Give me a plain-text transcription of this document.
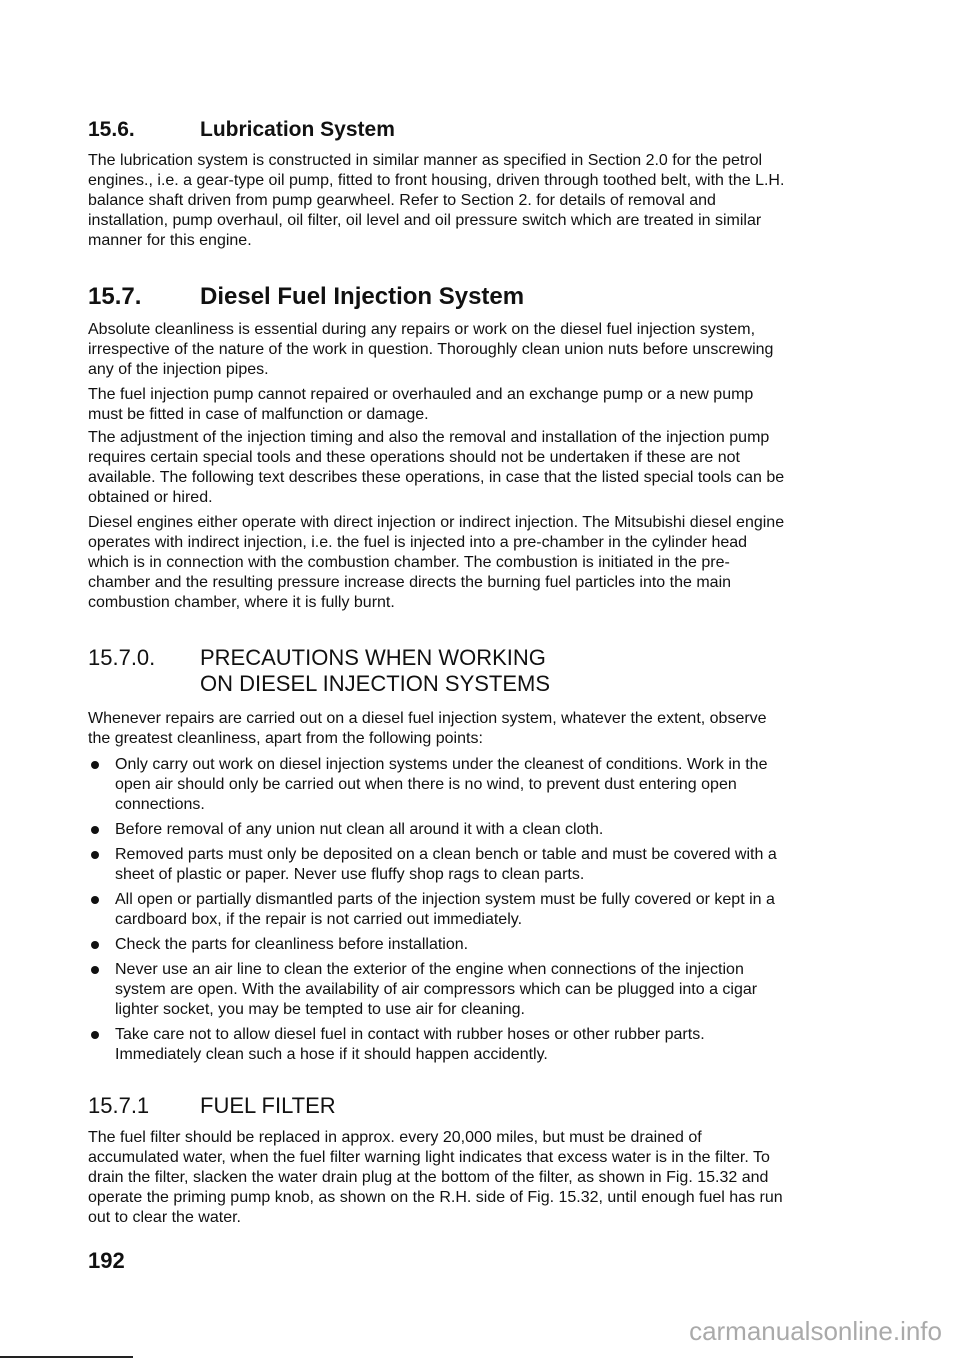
15.6.	Lubrication System

The lubrication system is constructed in similar manner as specified in Section 2.0 for the petrol engines., i.e. a gear-type oil pump, fitted to front housing, driven through toothed belt, with the L.H. balance shaft driven from pump gearwheel. Refer to Section 2. for details of removal and installation, pump overhaul, oil filter, oil level and oil pressure switch which are treated in similar manner for this engine.

15.7.	Diesel Fuel Injection System

Absolute cleanliness is essential during any repairs or work on the diesel fuel injection system, irrespective of the nature of the work in question. Thoroughly clean union nuts before unscrewing any of the injection pipes.

The fuel injection pump cannot repaired or overhauled and an exchange pump or a new pump must be fitted in case of malfunction or damage.

The adjustment of the injection timing and also the removal and installation of the injection pump requires certain special tools and these operations should not be undertaken if these are not available. The following text describes these operations, in case that the listed special tools can be obtained or hired.

Diesel engines either operate with direct injection or indirect injection. The Mitsubishi diesel engine operates with indirect injection, i.e. the fuel is injected into a pre-chamber in the cylinder head which is in connection with the combustion chamber. The combustion is initiated in the pre-chamber and the resulting pressure increase directs the burning fuel particles into the main combustion chamber, where it is fully burnt.

15.7.0.	PRECAUTIONS WHEN WORKING
ON DIESEL INJECTION SYSTEMS

Whenever repairs are carried out on a diesel fuel injection system, whatever the extent, observe the greatest cleanliness, apart from the following points:

Only carry out work on diesel injection systems under the cleanest of conditions. Work in the open air should only be carried out when there is no wind, to prevent dust entering open connections.
Before removal of any union nut clean all around it with a clean cloth.
Removed parts must only be deposited on a clean bench or table and must be covered with a sheet of plastic or paper. Never use fluffy shop rags to clean parts.
All open or partially dismantled parts of the injection system must be fully covered or kept in a cardboard box, if the repair is not carried out immediately.
Check the parts for cleanliness before installation.
Never use an air line to clean the exterior of the engine when connections of the injection system are open. With the availability of air compressors which can be plugged into a cigar lighter socket, you may be tempted to use air for cleaning.
Take care not to allow diesel fuel in contact with rubber hoses or other rubber parts. Immediately clean such a hose if it should happen accidently.
15.7.1	FUEL FILTER

The fuel filter should be replaced in approx. every 20,000 miles, but must be drained of accumulated water, when the fuel filter warning light indicates that excess water is in the filter. To drain the filter, slacken the water drain plug at the bottom of the filter, as shown in Fig. 15.32 and operate the priming pump knob, as shown on the R.H. side of Fig. 15.32, until enough fuel has run out to clear the water.

192
carmanualsonline.info
